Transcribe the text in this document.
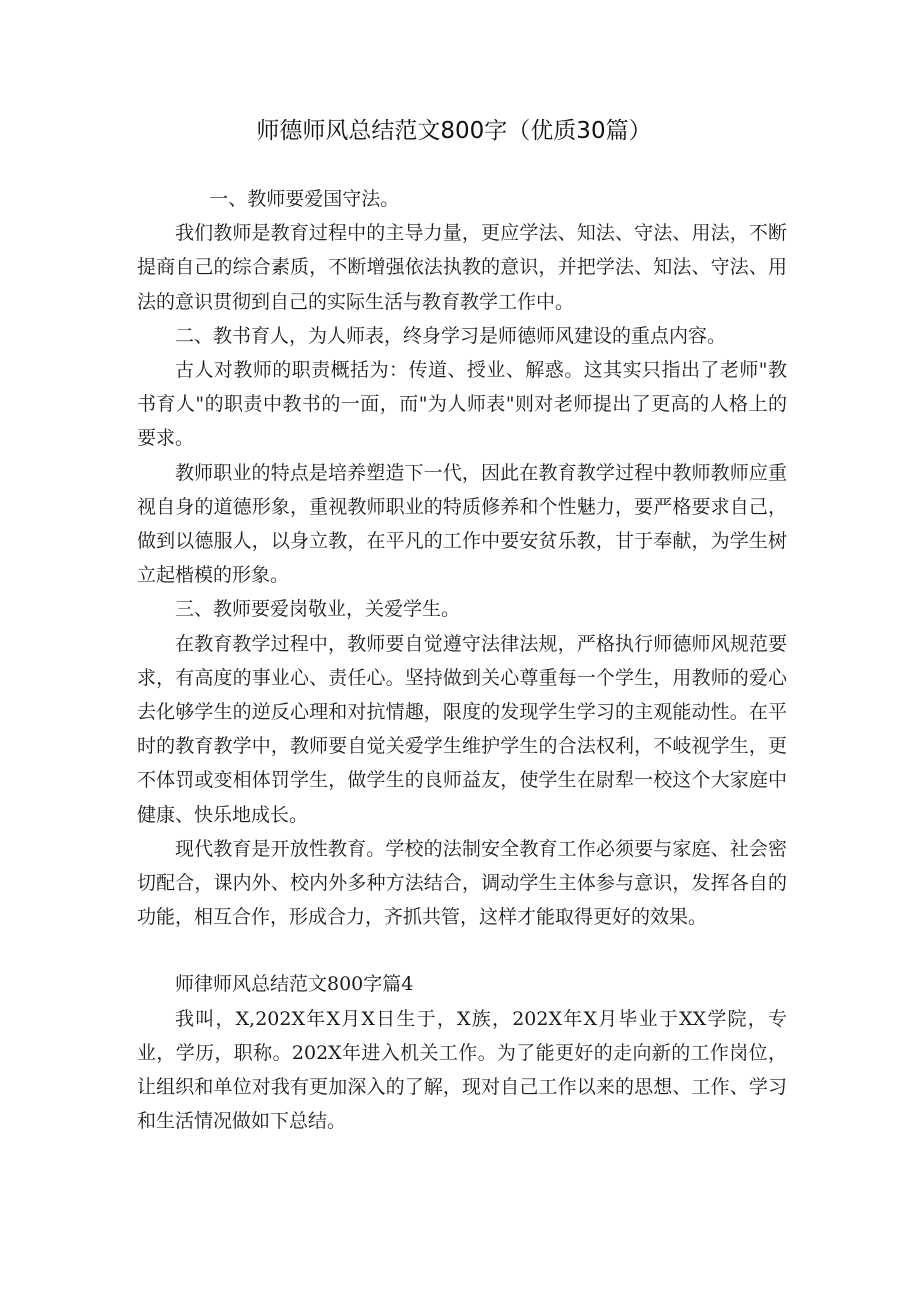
师德师风总结范文800字（优质30篇）

一、教师要爱国守法。

我们教师是教育过程中的主导力量，更应学法、知法、守法、用法，不断提商自己的综合素质，不断增强依法执教的意识，并把学法、知法、守法、用法的意识贯彻到自己的实际生活与教育教学工作中。

二、教书育人，为人师表，终身学习是师德师风建设的重点内容。

古人对教师的职责概括为：传道、授业、解惑。这其实只指出了老师"教书育人"的职责中教书的一面，而"为人师表"则对老师提出了更高的人格上的要求。

教师职业的特点是培养塑造下一代，因此在教育教学过程中教师教师应重视自身的道德形象，重视教师职业的特质修养和个性魅力，要严格要求自己，做到以德服人，以身立教，在平凡的工作中要安贫乐教，甘于奉献，为学生树立起楷模的形象。

三、教师要爱岗敬业，关爱学生。

在教育教学过程中，教师要自觉遵守法律法规，严格执行师德师风规范要求，有高度的事业心、责任心。坚持做到关心尊重每一个学生，用教师的爱心去化够学生的逆反心理和对抗情趣，限度的发现学生学习的主观能动性。在平时的教育教学中，教师要自觉关爱学生维护学生的合法权利，不岐视学生，更不体罚或变相体罚学生，做学生的良师益友，使学生在尉犁一校这个大家庭中健康、快乐地成长。

现代教育是开放性教育。学校的法制安全教育工作必须要与家庭、社会密切配合，课内外、校内外多种方法结合，调动学生主体参与意识，发挥各自的功能，相互合作，形成合力，齐抓共管，这样才能取得更好的效果。

师律师风总结范文800字篇4

我叫，X,202X年X月X日生于，X族，202X年X月毕业于XX学院，专业，学历，职称。202X年进入机关工作。为了能更好的走向新的工作岗位，让组织和单位对我有更加深入的了解，现对自己工作以来的思想、工作、学习和生活情况做如下总结。
